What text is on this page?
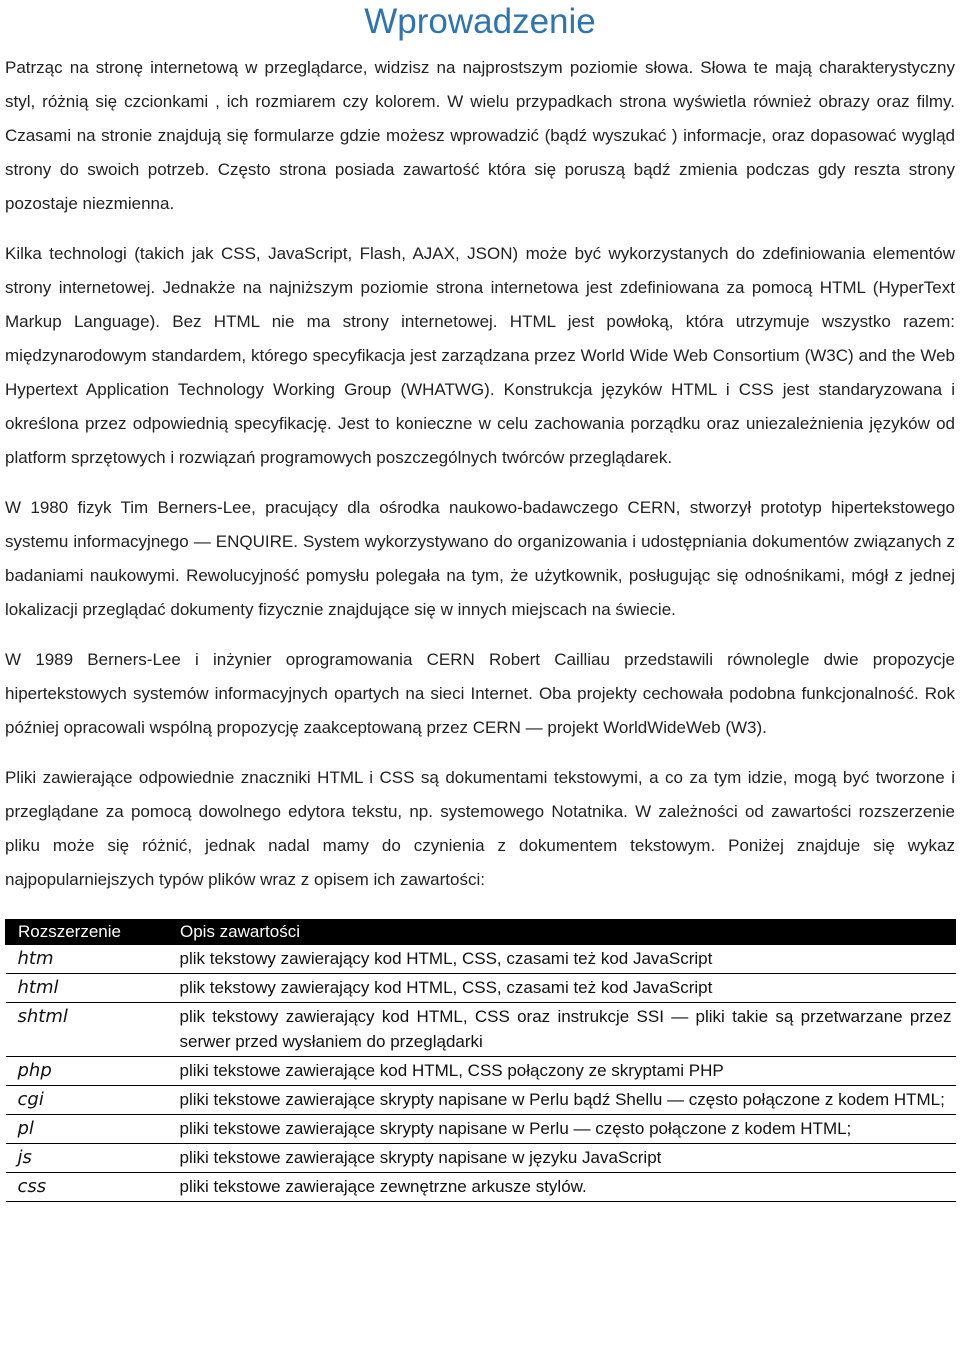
Wprowadzenie

Patrząc na stronę internetową w przeglądarce, widzisz na najprostszym poziomie słowa. Słowa te mają charakterystyczny styl, różnią się czcionkami , ich rozmiarem czy kolorem. W wielu przypadkach strona wyświetla również obrazy oraz filmy. Czasami na stronie znajdują się formularze gdzie możesz wprowadzić (bądź wyszukać ) informacje, oraz dopasować wygląd strony do swoich potrzeb. Często strona posiada zawartość która się poruszą bądź zmienia podczas gdy reszta strony pozostaje niezmienna.

Kilka technologi (takich jak CSS, JavaScript, Flash, AJAX, JSON) może być wykorzystanych do zdefiniowania elementów strony internetowej. Jednakże na najniższym poziomie strona internetowa jest zdefiniowana za pomocą HTML (HyperText Markup Language). Bez HTML nie ma strony internetowej. HTML jest powłoką, która utrzymuje wszystko razem: międzynarodowym standardem, którego specyfikacja jest zarządzana przez World Wide Web Consortium (W3C) and the Web Hypertext Application Technology Working Group (WHATWG). Konstrukcja języków HTML i CSS jest standaryzowana i określona przez odpowiednią specyfikację. Jest to konieczne w celu zachowania porządku oraz uniezależnienia języków od platform sprzętowych i rozwiązań programowych poszczególnych twórców przeglądarek.

W 1980 fizyk Tim Berners-Lee, pracujący dla ośrodka naukowo-badawczego CERN, stworzył prototyp hipertekstowego systemu informacyjnego — ENQUIRE. System wykorzystywano do organizowania i udostępniania dokumentów związanych z badaniami naukowymi. Rewolucyjność pomysłu polegała na tym, że użytkownik, posługując się odnośnikami, mógł z jednej lokalizacji przeglądać dokumenty fizycznie znajdujące się w innych miejscach na świecie.

W 1989 Berners-Lee i inżynier oprogramowania CERN Robert Cailliau przedstawili równolegle dwie propozycje hipertekstowych systemów informacyjnych opartych na sieci Internet. Oba projekty cechowała podobna funkcjonalność. Rok później opracowali wspólną propozycję zaakceptowaną przez CERN — projekt WorldWideWeb (W3).

Pliki zawierające odpowiednie znaczniki HTML i CSS są dokumentami tekstowymi, a co za tym idzie, mogą być tworzone i przeglądane za pomocą dowolnego edytora tekstu, np. systemowego Notatnika. W zależności od zawartości rozszerzenie pliku może się różnić, jednak nadal mamy do czynienia z dokumentem tekstowym. Poniżej znajduje się wykaz najpopularniejszych typów plików wraz z opisem ich zawartości:

Rozszerzenie	Opis zawartości
htm	plik tekstowy zawierający kod HTML, CSS, czasami też kod JavaScript
html	plik tekstowy zawierający kod HTML, CSS, czasami też kod JavaScript
shtml	plik tekstowy zawierający kod HTML, CSS oraz instrukcje SSI — pliki takie są przetwarzane przez serwer przed wysłaniem do przeglądarki
php	pliki tekstowe zawierające kod HTML, CSS połączony ze skryptami PHP
cgi	pliki tekstowe zawierające skrypty napisane w Perlu bądź Shellu — często połączone z kodem HTML;
pl	pliki tekstowe zawierające skrypty napisane w Perlu — często połączone z kodem HTML;
js	pliki tekstowe zawierające skrypty napisane w języku JavaScript
css	pliki tekstowe zawierające zewnętrzne arkusze stylów.
